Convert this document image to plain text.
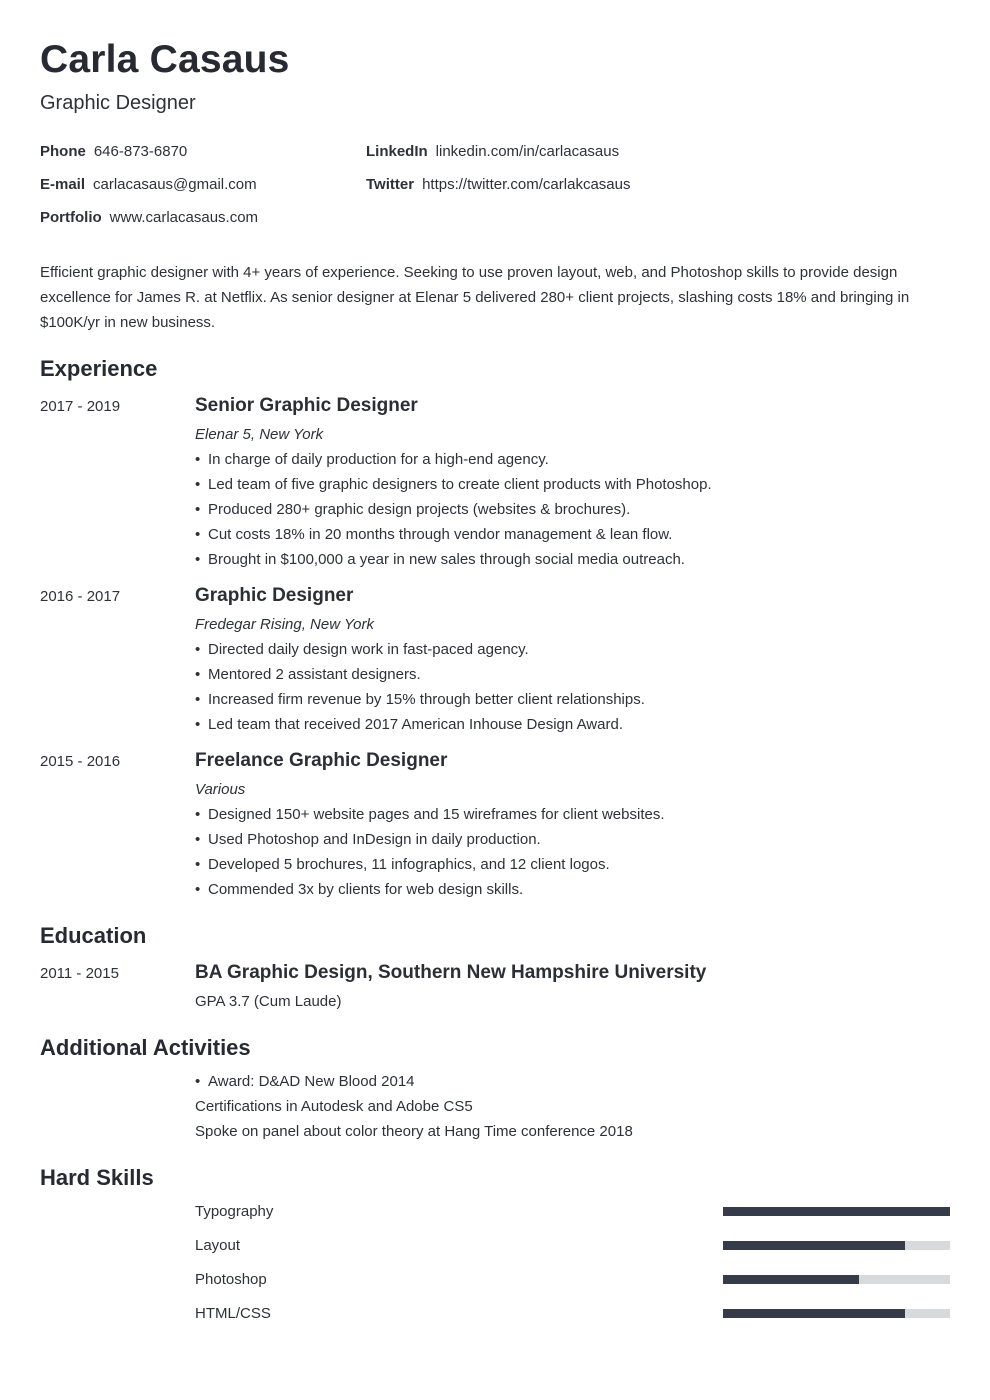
Carla Casaus
Graphic Designer
Phone 646-873-6870
E-mail carlacasaus@gmail.com
Portfolio www.carlacasaus.com
LinkedIn linkedin.com/in/carlacasaus
Twitter https://twitter.com/carlakcasaus

Efficient graphic designer with 4+ years of experience. Seeking to use proven layout, web, and Photoshop skills to provide design excellence for James R. at Netflix. As senior designer at Elenar 5 delivered 280+ client projects, slashing costs 18% and bringing in $100K/yr in new business.

Experience
2017 - 2019	Senior Graphic Designer
Elenar 5, New York
• In charge of daily production for a high-end agency.
• Led team of five graphic designers to create client products with Photoshop.
• Produced 280+ graphic design projects (websites & brochures).
• Cut costs 18% in 20 months through vendor management & lean flow.
• Brought in $100,000 a year in new sales through social media outreach.
2016 - 2017	Graphic Designer
Fredegar Rising, New York
• Directed daily design work in fast-paced agency.
• Mentored 2 assistant designers.
• Increased firm revenue by 15% through better client relationships.
• Led team that received 2017 American Inhouse Design Award.
2015 - 2016	Freelance Graphic Designer
Various
• Designed 150+ website pages and 15 wireframes for client websites.
• Used Photoshop and InDesign in daily production.
• Developed 5 brochures, 11 infographics, and 12 client logos.
• Commended 3x by clients for web design skills.
Education
2011 - 2015	BA Graphic Design, Southern New Hampshire University
GPA 3.7 (Cum Laude)
Additional Activities
• Award: D&AD New Blood 2014
Certifications in Autodesk and Adobe CS5
Spoke on panel about color theory at Hang Time conference 2018
Hard Skills
Typography
Layout
Photoshop
HTML/CSS
